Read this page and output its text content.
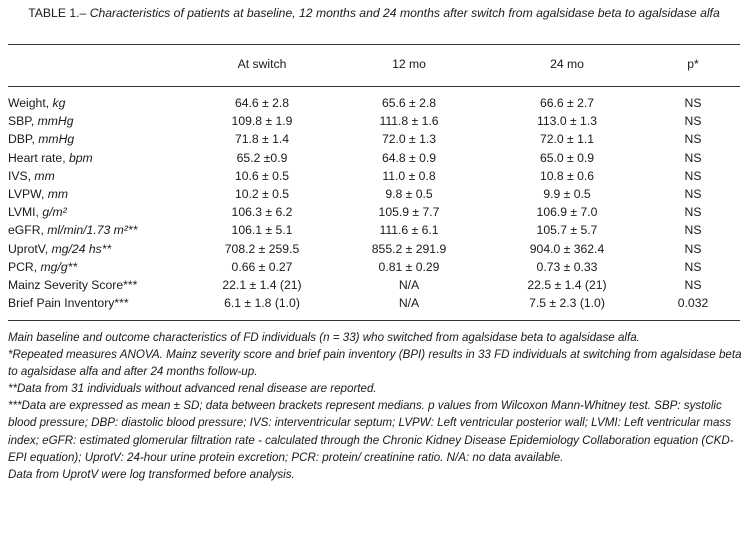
TABLE 1.– Characteristics of patients at baseline, 12 months and 24 months after switch from agalsidase beta to agalsidase alfa
	At switch	12 mo	24 mo	p*

Weight, kg	64.6 ± 2.8	65.6 ± 2.8	66.6 ± 2.7	NS
SBP, mmHg	109.8 ± 1.9	111.8 ± 1.6	113.0 ± 1.3	NS
DBP, mmHg	71.8 ± 1.4	72.0 ± 1.3	72.0 ± 1.1	NS
Heart rate, bpm	65.2 ±0.9	64.8 ± 0.9	65.0 ± 0.9	NS
IVS, mm	10.6 ± 0.5	11.0 ± 0.8	10.8 ± 0.6	NS
LVPW, mm	10.2 ± 0.5	9.8 ± 0.5	9.9 ± 0.5	NS
LVMI, g/m²	106.3 ± 6.2	105.9 ± 7.7	106.9 ± 7.0	NS
eGFR, ml/min/1.73 m²**	106.1 ± 5.1	111.6 ± 6.1	105.7 ± 5.7	NS
UprotV, mg/24 hs**	708.2 ± 259.5	855.2 ± 291.9	904.0 ± 362.4	NS
PCR, mg/g**	0.66 ± 0.27	0.81 ± 0.29	0.73 ± 0.33	NS
Mainz Severity Score***	22.1 ± 1.4 (21)	N/A	22.5 ± 1.4 (21)	NS
Brief Pain Inventory***	6.1 ± 1.8 (1.0)	N/A	7.5 ± 2.3 (1.0)	0.032

Main baseline and outcome characteristics of FD individuals (n = 33) who switched from agalsidase beta to agalsidase alfa.

*Repeated measures ANOVA. Mainz severity score and brief pain inventory (BPI) results in 33 FD individuals at switching from agalsidase beta to agalsidase alfa and after 24 months follow-up.

**Data from 31 individuals without advanced renal disease are reported.

***Data are expressed as mean ± SD; data between brackets represent medians. p values from Wilcoxon Mann-Whitney test. SBP: systolic blood pressure; DBP: diastolic blood pressure; IVS: interventricular septum; LVPW: Left ventricular posterior wall; LVMI: Left ventricular mass index; eGFR: estimated glomerular filtration rate - calculated through the Chronic Kidney Disease Epidemiology Collaboration equation (CKD-EPI equation); UprotV: 24-hour urine protein excretion; PCR: protein/ creatinine ratio. N/A: no data available.

Data from UprotV were log transformed before analysis.
